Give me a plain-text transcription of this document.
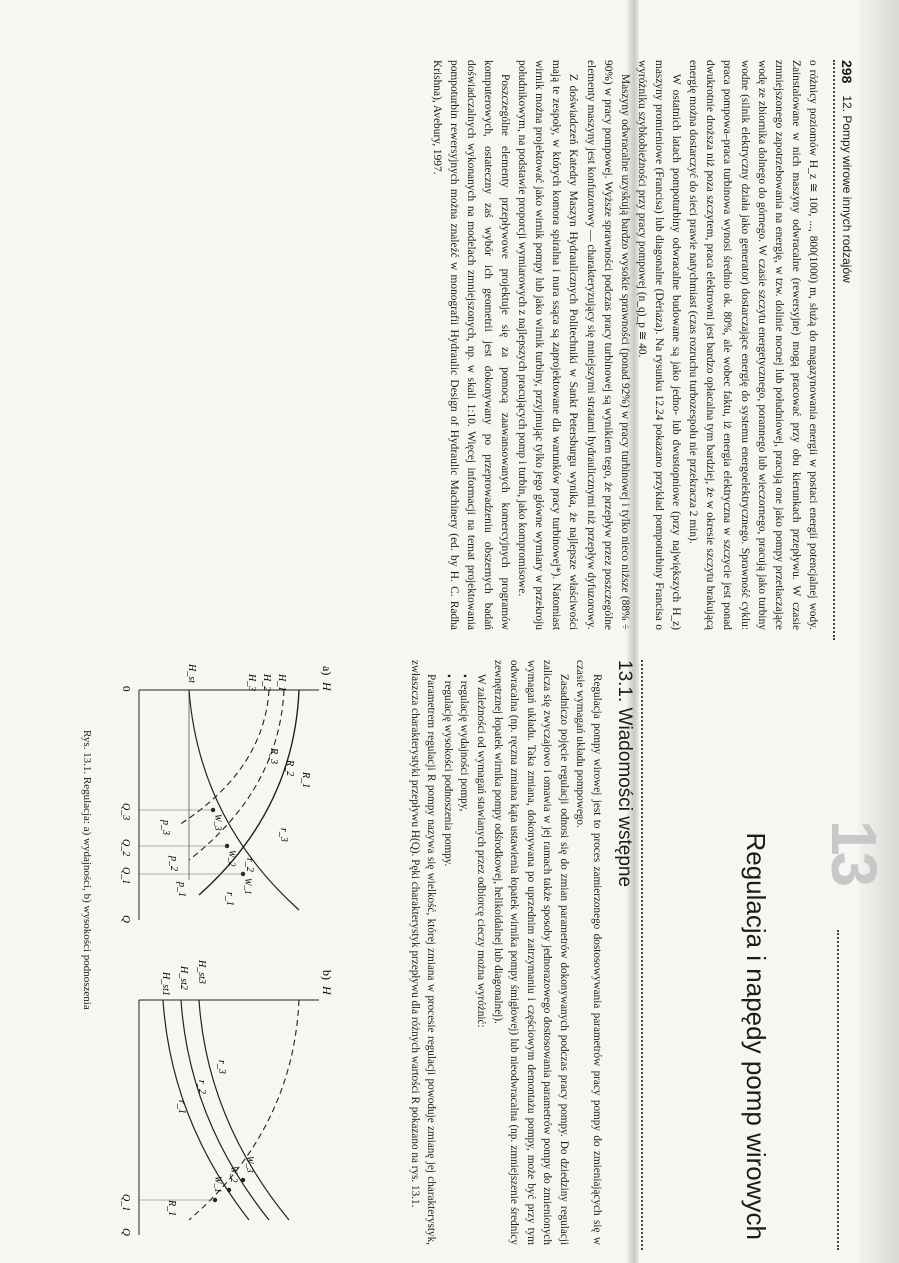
298
12. Pompy wirowe innych rodzajów

o różnicy poziomów H_z ≅ 100, ..., 800(1000) m, służą do magazynowania energii w postaci energii potencjalnej wody. Zainstalowane w nich maszyny odwracalne (rewersyjne) mogą pracować przy obu kierunkach przepływu. W czasie zmniejszonego zapotrzebowania na energię, w tzw. dolinie nocnej lub południowej, pracują one jako pompy przetłaczające wodę ze zbiornika dolnego do górnego. W czasie szczytu energetycznego, porannego lub wieczornego, pracują jako turbiny wodne (silnik elektryczny działa jako generator) dostarczające energię do systemu energoelektrycznego. Sprawność cyklu: praca pompowa–praca turbinowa wynosi średnio ok. 80%, ale wobec faktu, iż energia elektryczna w szczycie jest ponad dwukrotnie droższa niż poza szczytem, praca elektrowni jest bardzo opłacalna tym bardziej, że w okresie szczytu brakującą energię można dostarczyć do sieci prawie natychmiast (czas rozruchu turbozespołu nie przekracza 2 min).

W ostatnich latach pompoturbiny odwracalne budowane są jako jedno- lub dwustopniowe (przy największych H_z) maszyny promieniowe (Francisa) lub diagonalne (Dériaza). Na rysunku 12.24 pokazano przykład pompoturbiny Francisa o wyróżniku szybkobieżności przy pracy pompowej (n_q)_p ≅ 40.

Maszyny odwracalne uzyskują bardzo wysokie sprawności (ponad 92%) w pracy turbinowej i tylko nieco niższe (88% ÷ 90%) w pracy pompowej. Wyższe sprawności podczas pracy turbinowej są wynikiem tego, że przepływ przez poszczególne elementy maszyny jest konfuzorowy — charakteryzujący się mniejszymi stratami hydraulicznymi niż przepływ dyfuzorowy.

Z doświadczeń Katedry Maszyn Hydraulicznych Politechniki w Sankt Petersburgu wynika, że najlepsze właściwości mają te zespoły, w których komora spiralna i nura ssąca są zaprojektowane dla warunków pracy turbinowej*). Natomiast wirnik można projektować jako wirnik pompy lub jako wirnik turbiny, przyjmując tylko jego główne wymiary w przekroju południkowym, na podstawie proporcji wymiarowych z najlepszych pracujących pomp i turbin, jako kompromisowe.

Poszczególne elementy przepływowe projektuje się za pomocą zaawansowanych komercyjnych programów komputerowych, ostateczny zaś wybór ich geometrii jest dokonywany po przeprowadzeniu obszernych badań doświadczalnych wykonanych na modelach zmniejszonych, np. w skali 1:10. Więcej informacji na temat projektowania pompoturbin rewersyjnych można znaleźć w monografii Hydraulic Design of Hydraulic Machinery (ed. by H. C. Radha Krishna), Avebury, 1997.

13
Regulacja i napędy pomp wirowych
13.1. Wiadomości wstępne

Regulacja pompy wirowej jest to proces zamierzonego dostosowywania parametrów pracy pompy do zmieniających się w czasie wymagań układu pompowego.

Zasadniczo pojęcie regulacji odnosi się do zmian parametrów dokonywanych podczas pracy pompy. Do dziedziny regulacji zalicza się zwyczajowo i omawia w jej ramach także sposoby jednorazowego dostosowania parametrów pompy do zmienionych wymagań układu. Taka zmiana, dokonywana po uprzednim zatrzymaniu i częściowym demontażu pompy, może być przy tym odwracalna (np. ręczna zmiana kąta ustawienia łopatek wirnika pompy śmigłowej) lub nieodwracalna (np. zmniejszenie średnicy zewnętrznej łopatek wirnika pompy odśrodkowej, helikoidalnej lub diagonalnej).

W zależności od wymagań stawianych przez odbiorcę cieczy można wyróżnić:

• regulację wydajności pompy,
• regulację wysokości podnoszenia pompy.

Parametrem regulacji R pompy nazywa się wielkość, której zmiana w procesie regulacji powoduje zmianę jej charakterystyk, zwłaszcza charakterystyki przepływu H(Q). Pęki charakterystyk przepływu dla różnych wartości R pokazano na rys. 13.1.

a)
H
0
Q
H_st	H_3 H_2 H_1
R_1
R_2
R_3
r_3
r_2
r_1
p_1
p_2
p_3
W_1
W_2
W_3
Q_3
Q_2
Q_1
b)
H
Q
H_st3
H_st2
H_st1
r_3
r_2
r_1
R_1
W_3
W_2
W_1
Q_1
Rys. 13.1. Regulacja: a) wydajności, b) wysokości podnoszenia
